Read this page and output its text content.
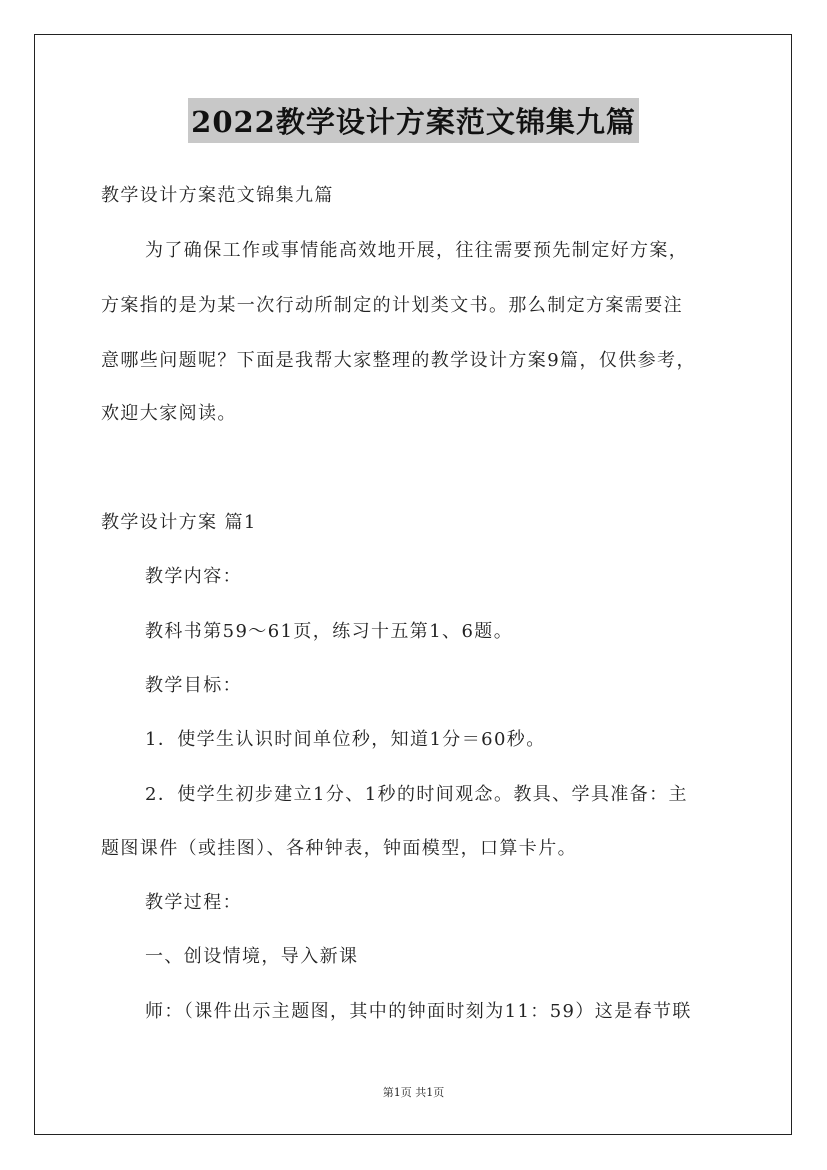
2022教学设计方案范文锦集九篇
教学设计方案范文锦集九篇
为了确保工作或事情能高效地开展，往往需要预先制定好方案，
方案指的是为某一次行动所制定的计划类文书。那么制定方案需要注
意哪些问题呢？下面是我帮大家整理的教学设计方案9篇，仅供参考，
欢迎大家阅读。
教学设计方案 篇1
教学内容：
教科书第59～61页，练习十五第1、6题。
教学目标：
1．使学生认识时间单位秒，知道1分＝60秒。
2．使学生初步建立1分、1秒的时间观念。教具、学具准备：主
题图课件（或挂图）、各种钟表，钟面模型，口算卡片。
教学过程：
一、创设情境，导入新课
师：（课件出示主题图，其中的钟面时刻为11：59）这是春节联
第1页 共1页
